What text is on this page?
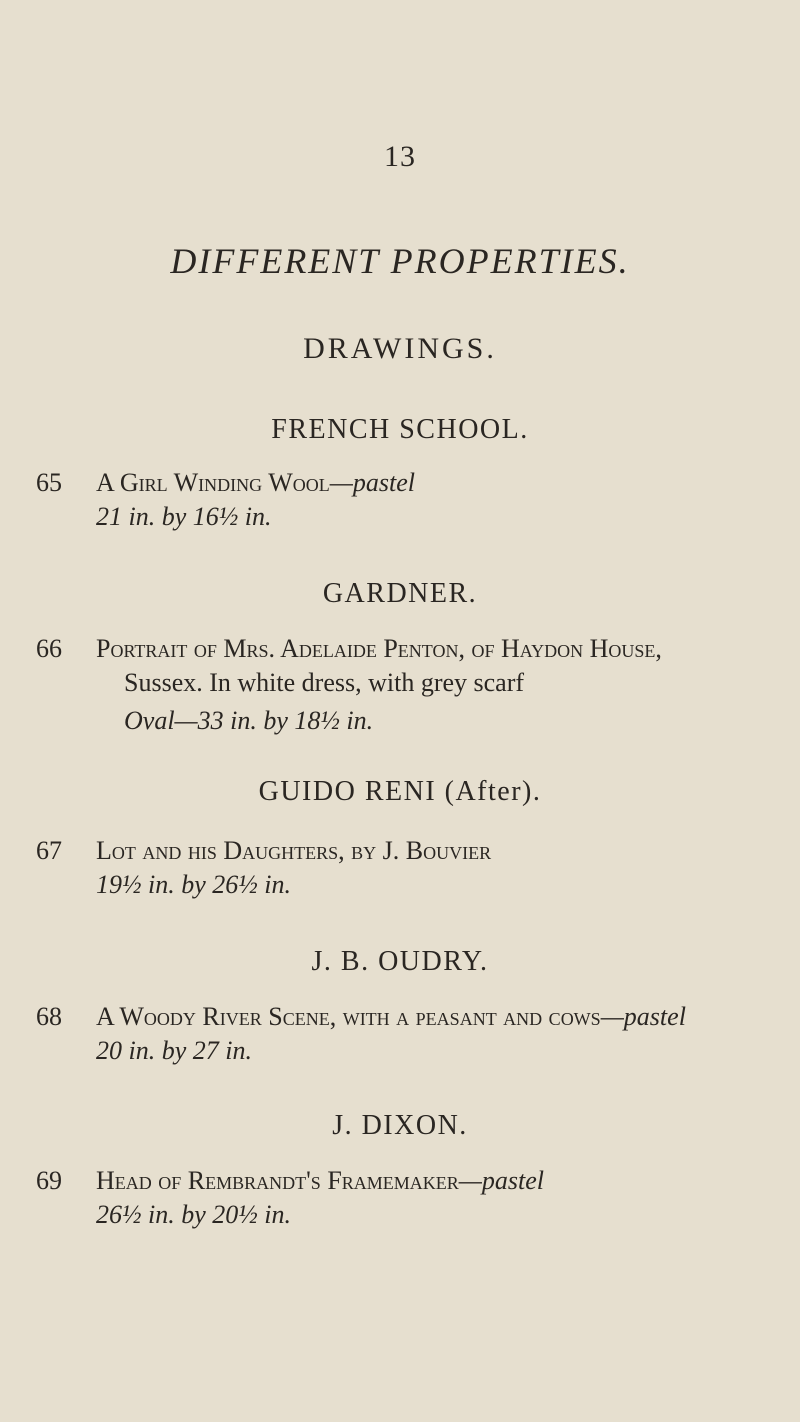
13
DIFFERENT PROPERTIES.
DRAWINGS.
FRENCH SCHOOL.
65 A Girl Winding Wool—pastel
21 in. by 16½ in.
GARDNER.
66 Portrait of Mrs. Adelaide Penton, of Haydon House,
Sussex. In white dress, with grey scarf
Oval—33 in. by 18½ in.
GUIDO RENI (After).
67 Lot and his Daughters, by J. Bouvier
19½ in. by 26½ in.
J. B. OUDRY.
68 A Woody River Scene, with a peasant and cows—pastel
20 in. by 27 in.
J. DIXON.
69 Head of Rembrandt's Framemaker—pastel
26½ in. by 20½ in.
